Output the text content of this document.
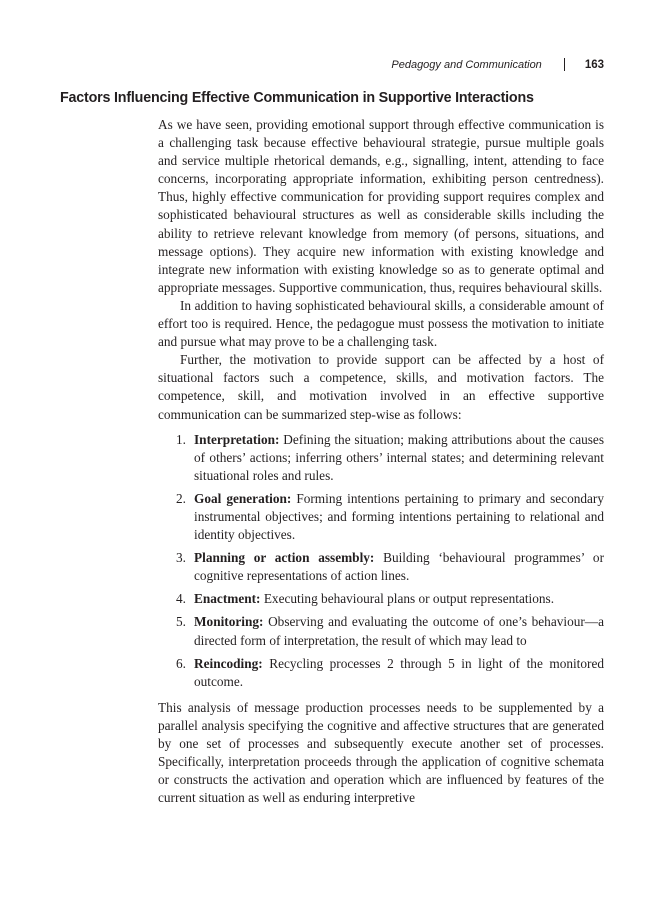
Pedagogy and Communication	163
Factors Influencing Effective Communication in Supportive Interactions

As we have seen, providing emotional support through effective communication is a challenging task because effective behavioural strategie, pursue multiple goals and service multiple rhetorical demands, e.g., signalling, intent, attending to face concerns, incorporating appropriate information, exhibiting person centredness). Thus, highly effective communication for providing support requires complex and sophisticated behavioural structures as well as considerable skills including the ability to retrieve relevant knowledge from memory (of persons, situations, and message options). They acquire new information with existing knowledge and integrate new information with existing knowledge so as to generate optimal and appropriate messages. Supportive communication, thus, requires behavioural skills.

In addition to having sophisticated behavioural skills, a considerable amount of effort too is required. Hence, the pedagogue must possess the motivation to initiate and pursue what may prove to be a challenging task.

Further, the motivation to provide support can be affected by a host of situational factors such a competence, skills, and motivation factors. The competence, skill, and motivation involved in an effective supportive communication can be summarized step-wise as follows:

1. Interpretation: Defining the situation; making attributions about the causes of others’ actions; inferring others’ internal states; and determining relevant situational roles and rules.
2. Goal generation: Forming intentions pertaining to primary and secondary instrumental objectives; and forming intentions pertaining to relational and identity objectives.
3. Planning or action assembly: Building ‘behavioural programmes’ or cognitive representations of action lines.
4. Enactment: Executing behavioural plans or output representations.
5. Monitoring: Observing and evaluating the outcome of one’s behaviour—a directed form of interpretation, the result of which may lead to
6. Reincoding: Recycling processes 2 through 5 in light of the monitored outcome.

This analysis of message production processes needs to be supplemented by a parallel analysis specifying the cognitive and affective structures that are generated by one set of processes and subsequently execute another set of processes. Specifically, interpretation proceeds through the application of cognitive schemata or constructs the activation and operation which are influenced by features of the current situation as well as enduring interpretive
